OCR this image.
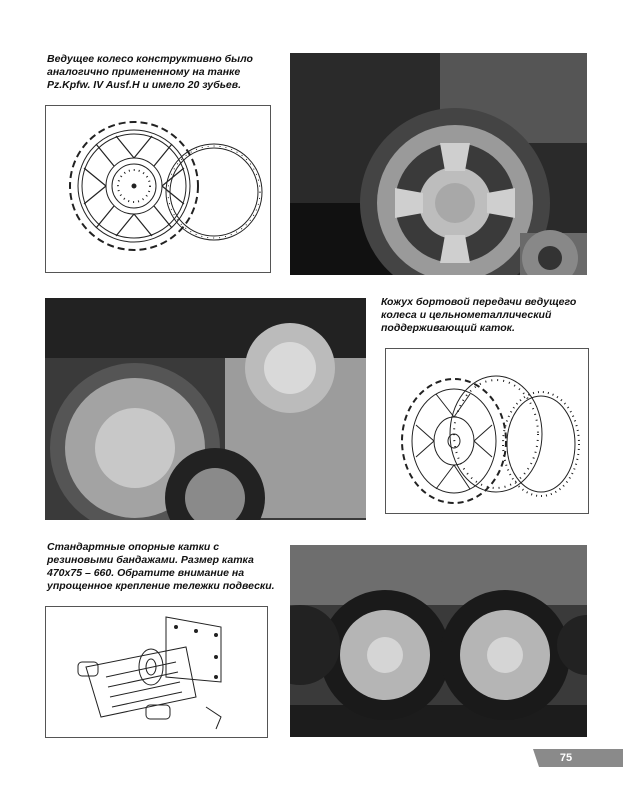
Ведущее колесо конструктивно было аналогично примененному на танке Pz.Kpfw. IV Ausf.H и имело 20 зубьев.
Кожух бортовой передачи ведущего колеса и цельнометаллический поддерживающий каток.
Стандартные опорные катки с резиновыми бандажами. Размер катка 470x75 – 660. Обратите внимание на упрощенное крепление тележки подвески.
75
